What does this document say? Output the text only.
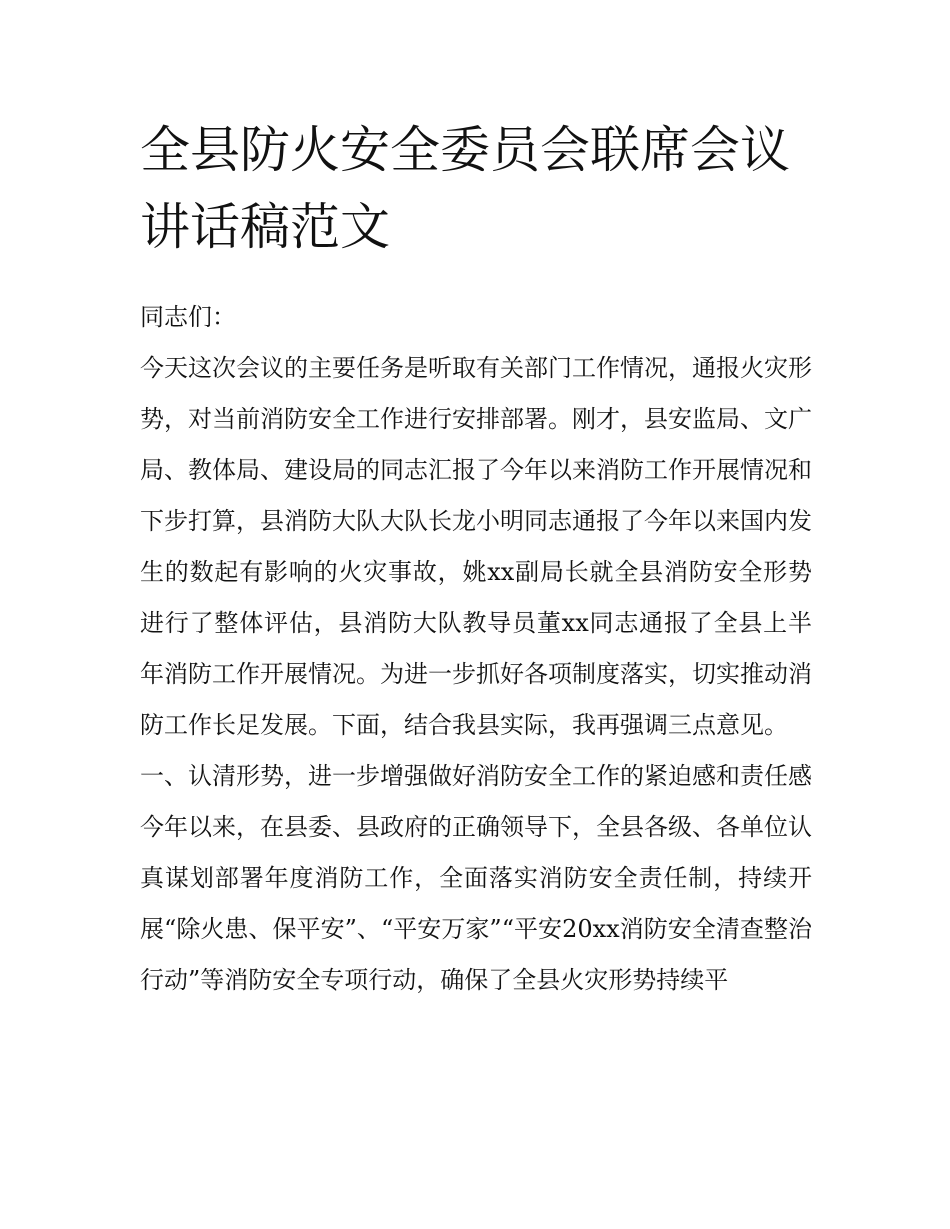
全县防火安全委员会联席会议讲话稿范文

同志们：

今天这次会议的主要任务是听取有关部门工作情况，通报火灾形势，对当前消防安全工作进行安排部署。刚才，县安监局、文广局、教体局、建设局的同志汇报了今年以来消防工作开展情况和下步打算，县消防大队大队长龙小明同志通报了今年以来国内发生的数起有影响的火灾事故，姚xx副局长就全县消防安全形势进行了整体评估，县消防大队教导员董xx同志通报了全县上半年消防工作开展情况。为进一步抓好各项制度落实，切实推动消防工作长足发展。下面，结合我县实际，我再强调三点意见。

一、认清形势，进一步增强做好消防安全工作的紧迫感和责任感

今年以来，在县委、县政府的正确领导下，全县各级、各单位认真谋划部署年度消防工作，全面落实消防安全责任制，持续开展“除火患、保平安”、“平安万家”“平安20xx消防安全清查整治行动”等消防安全专项行动，确保了全县火灾形势持续平
